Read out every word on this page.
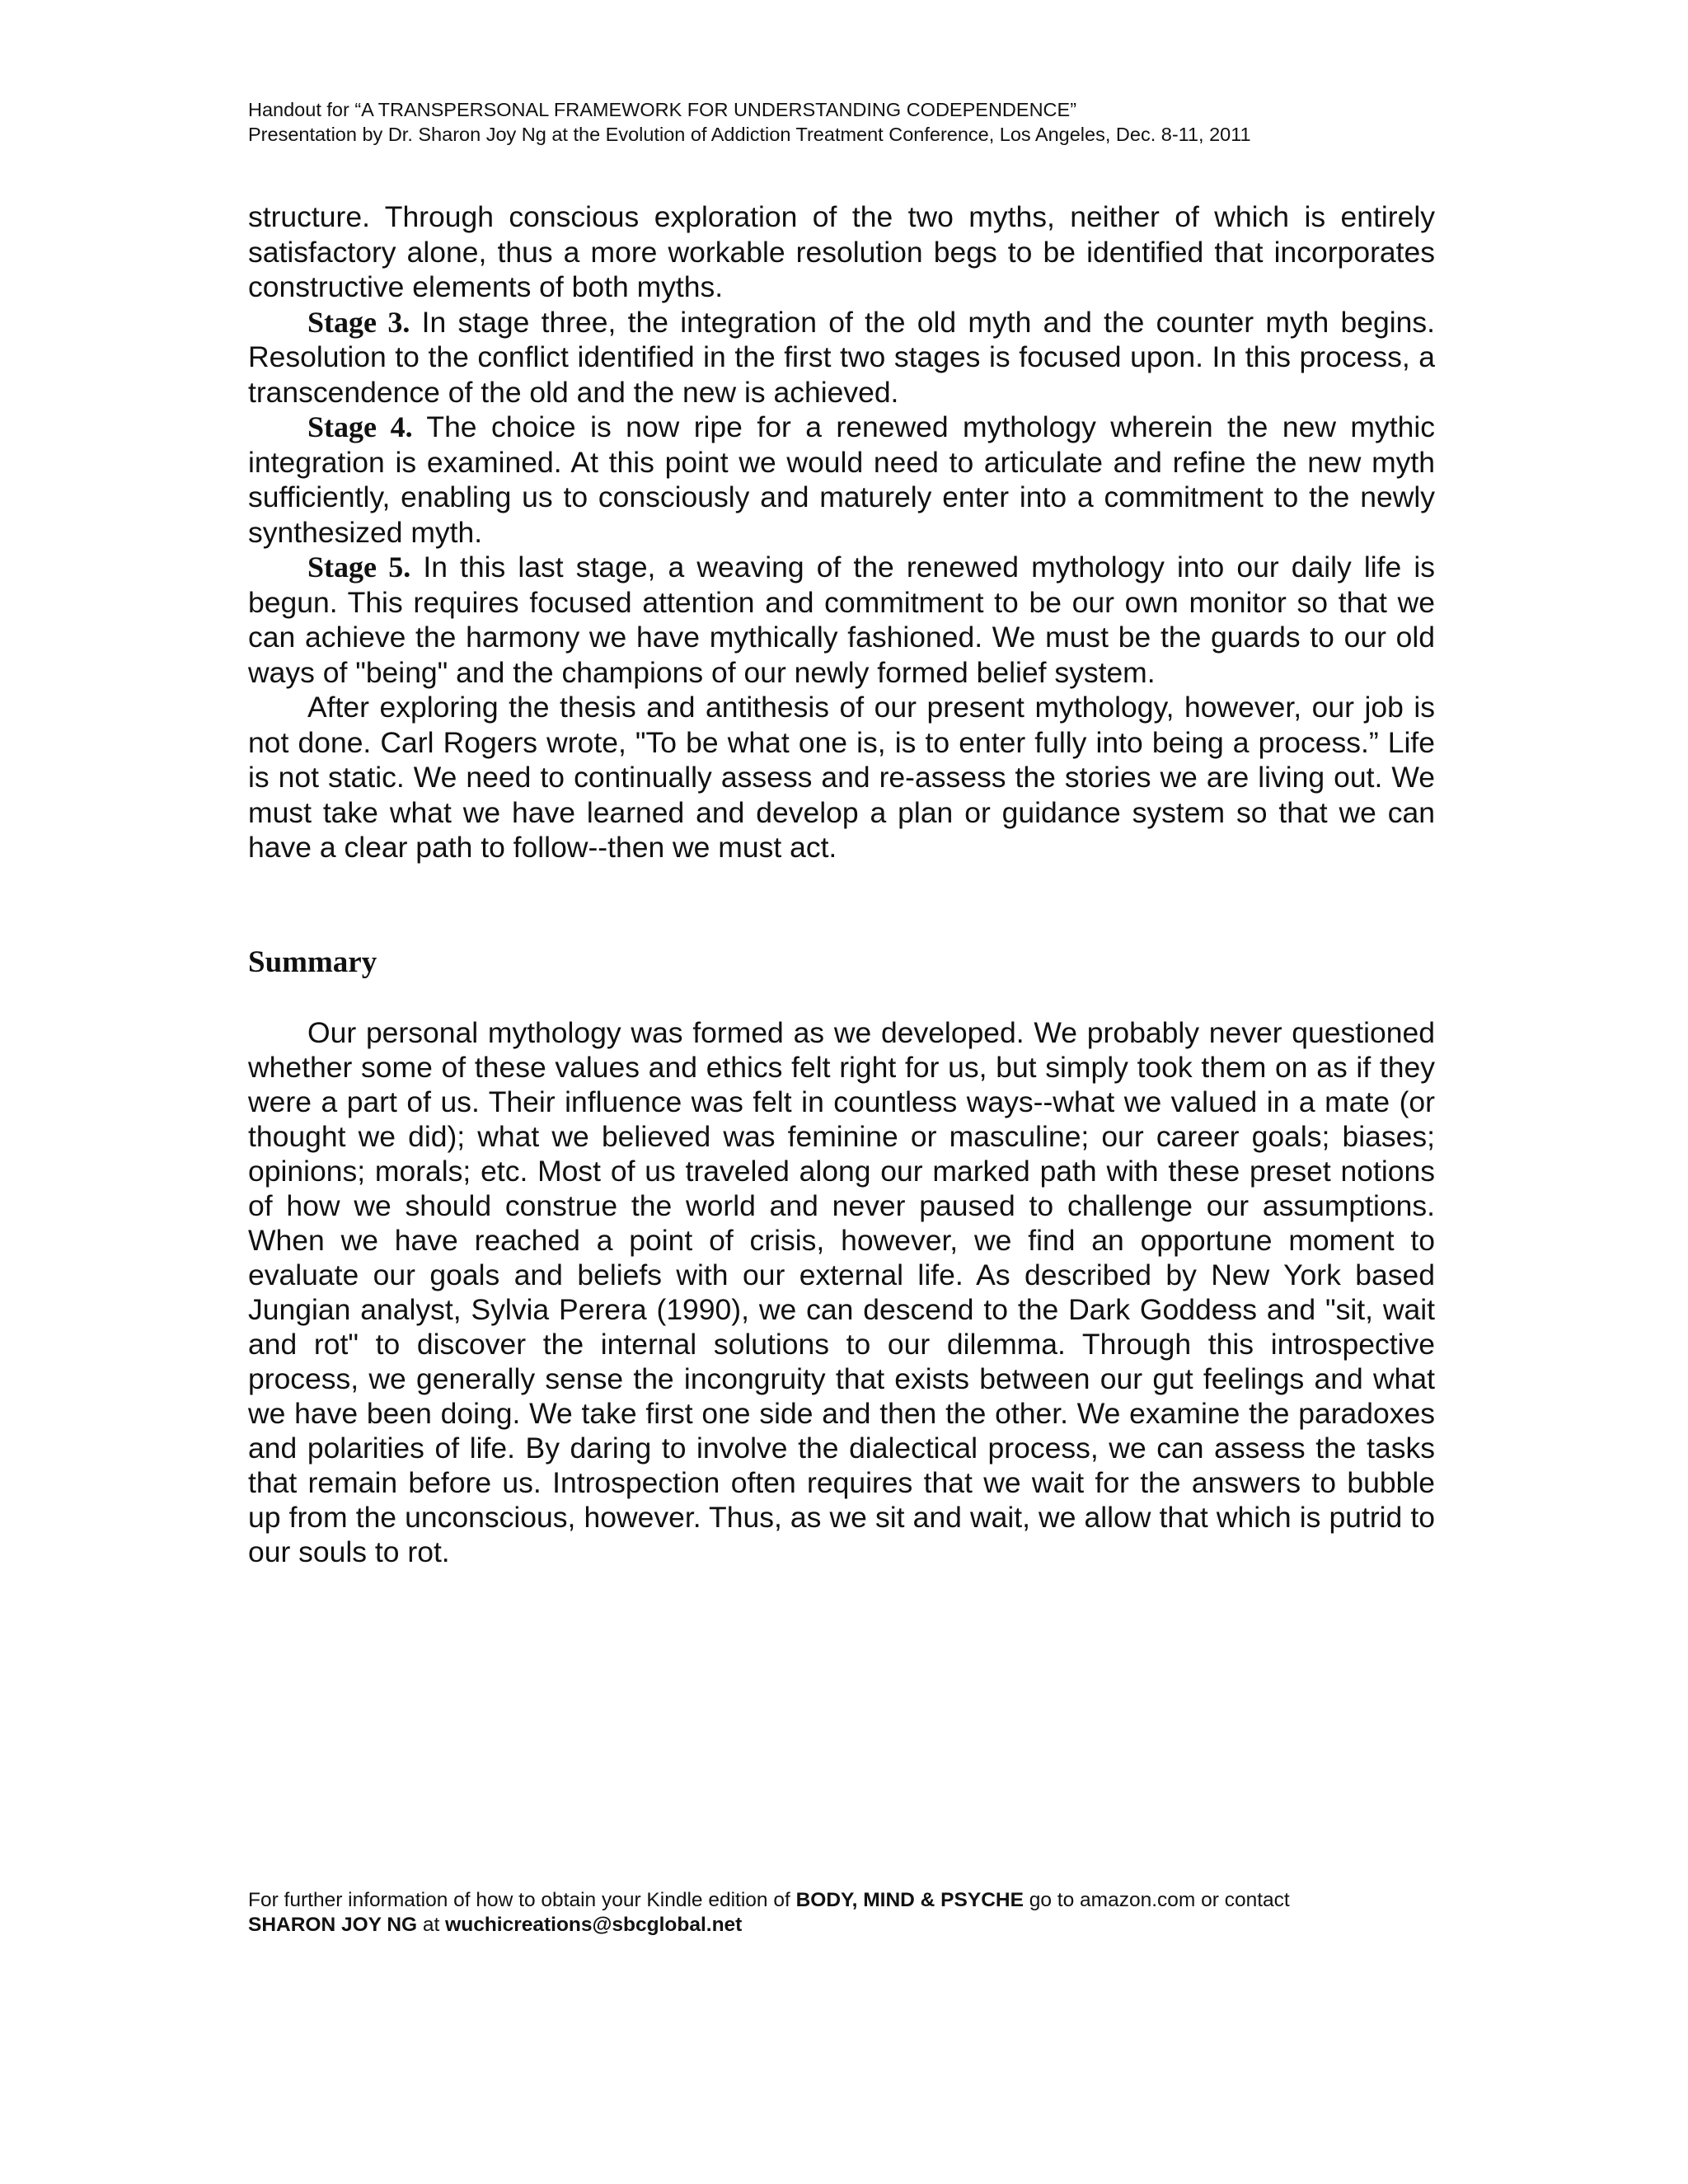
Handout for “A TRANSPERSONAL FRAMEWORK FOR UNDERSTANDING CODEPENDENCE”
Presentation by Dr. Sharon Joy Ng at the Evolution of Addiction Treatment Conference, Los Angeles, Dec. 8-11, 2011

structure. Through conscious exploration of the two myths, neither of which is entirely satisfactory alone, thus a more workable resolution begs to be identified that incorporates constructive elements of both myths.

Stage 3. In stage three, the integration of the old myth and the counter myth begins. Resolution to the conflict identified in the first two stages is focused upon. In this process, a transcendence of the old and the new is achieved.

Stage 4. The choice is now ripe for a renewed mythology wherein the new mythic integration is examined. At this point we would need to articulate and refine the new myth sufficiently, enabling us to consciously and maturely enter into a commitment to the newly synthesized myth.

Stage 5. In this last stage, a weaving of the renewed mythology into our daily life is begun. This requires focused attention and commitment to be our own monitor so that we can achieve the harmony we have mythically fashioned. We must be the guards to our old ways of "being" and the champions of our newly formed belief system.

After exploring the thesis and antithesis of our present mythology, however, our job is not done. Carl Rogers wrote, "To be what one is, is to enter fully into being a process.” Life is not static. We need to continually assess and re-assess the stories we are living out. We must take what we have learned and develop a plan or guidance system so that we can have a clear path to follow--then we must act.

Summary

Our personal mythology was formed as we developed. We probably never questioned whether some of these values and ethics felt right for us, but simply took them on as if they were a part of us. Their influence was felt in countless ways--what we valued in a mate (or thought we did); what we believed was feminine or masculine; our career goals; biases; opinions; morals; etc. Most of us traveled along our marked path with these preset notions of how we should construe the world and never paused to challenge our assumptions. When we have reached a point of crisis, however, we find an opportune moment to evaluate our goals and beliefs with our external life. As described by New York based Jungian analyst, Sylvia Perera (1990), we can descend to the Dark Goddess and "sit, wait and rot" to discover the internal solutions to our dilemma. Through this introspective process, we generally sense the incongruity that exists between our gut feelings and what we have been doing. We take first one side and then the other. We examine the paradoxes and polarities of life. By daring to involve the dialectical process, we can assess the tasks that remain before us. Introspection often requires that we wait for the answers to bubble up from the unconscious, however. Thus, as we sit and wait, we allow that which is putrid to our souls to rot.

For further information of how to obtain your Kindle edition of BODY, MIND & PSYCHE go to amazon.com or contact
SHARON JOY NG at wuchicreations@sbcglobal.net
